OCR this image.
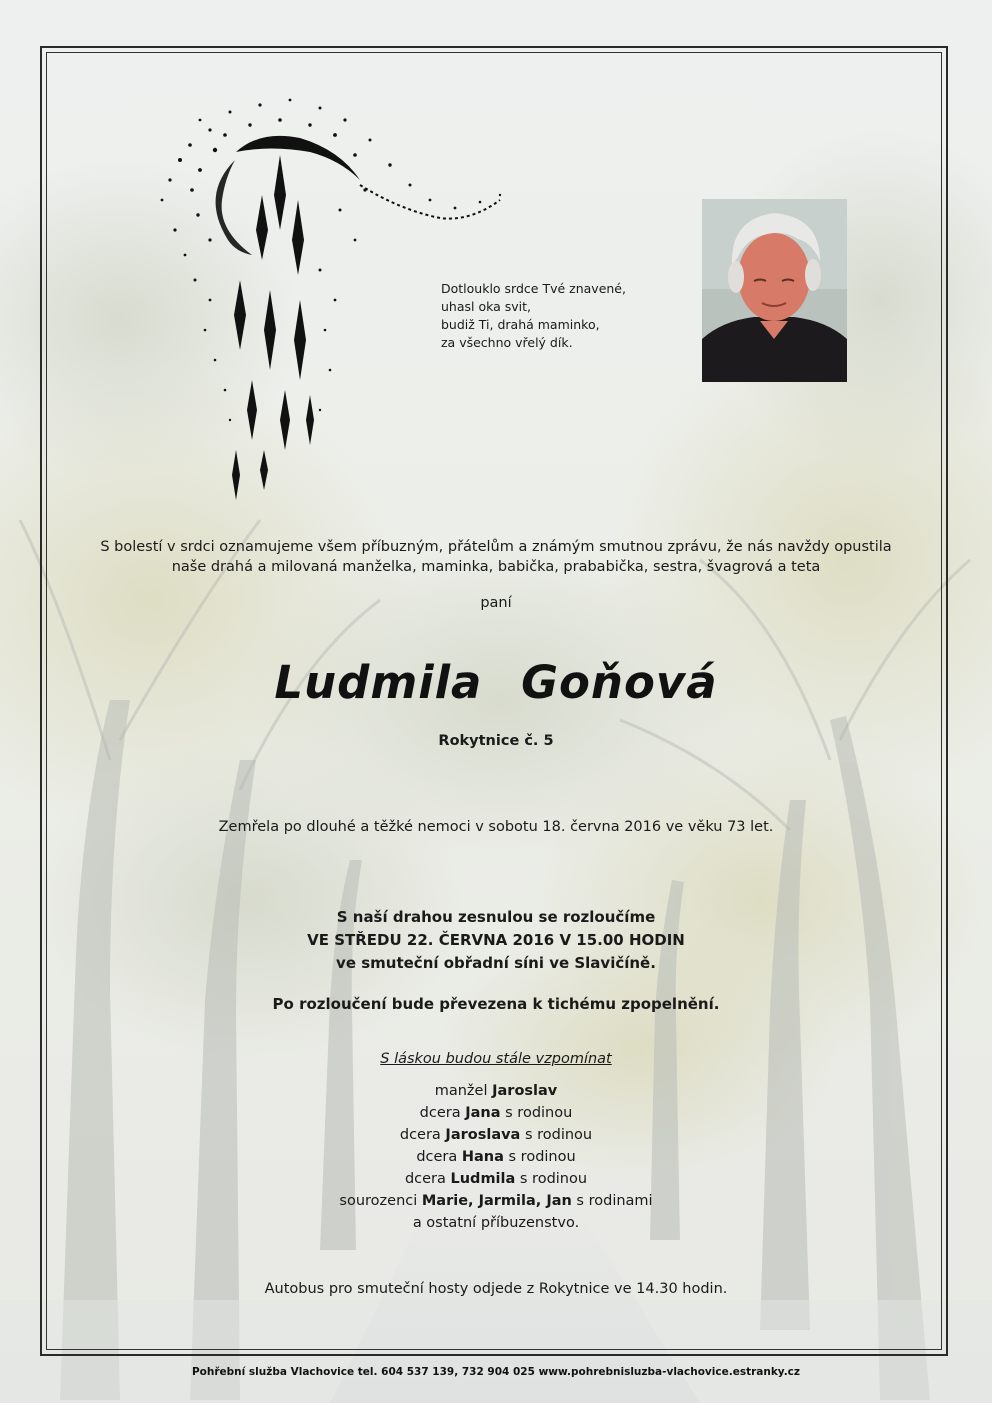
Dotlouklo srdce Tvé znavené,
uhasl oka svit,
budiž Ti, drahá maminko,
za všechno vřelý dík.
S bolestí v srdci oznamujeme všem příbuzným, přátelům a známým smutnou zprávu, že nás navždy opustila
naše drahá a milovaná manželka, maminka, babička, prababička, sestra, švagrová a teta
paní
Ludmila Goňová
Rokytnice č. 5
Zemřela po dlouhé a těžké nemoci v sobotu 18. června 2016 ve věku 73 let.
S naší drahou zesnulou se rozloučíme
VE STŘEDU 22. ČERVNA 2016 V 15.00 HODIN
ve smuteční obřadní síni ve Slavičíně.
Po rozloučení bude převezena k tichému zpopelnění.
S láskou budou stále vzpomínat
manžel Jaroslav
dcera Jana s rodinou
dcera Jaroslava s rodinou
dcera Hana s rodinou
dcera Ludmila s rodinou
sourozenci Marie, Jarmila, Jan s rodinami
a ostatní příbuzenstvo.
Autobus pro smuteční hosty odjede z Rokytnice ve 14.30 hodin.
Pohřební služba Vlachovice tel. 604 537 139, 732 904 025 www.pohrebnisluzba-vlachovice.estranky.cz
